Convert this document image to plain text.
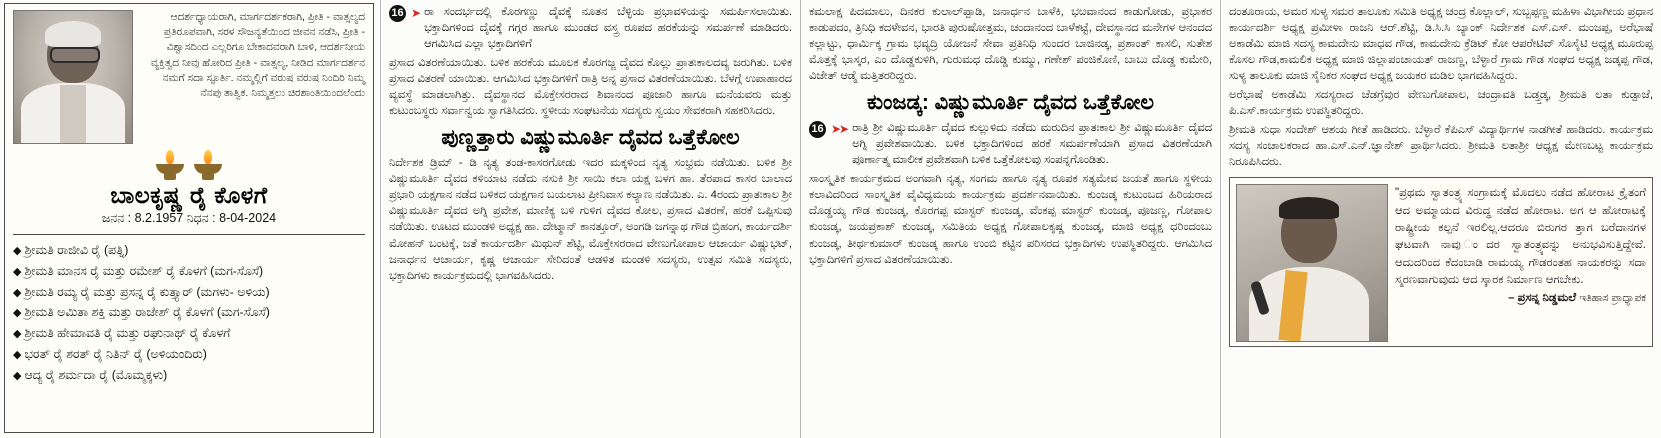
ಆದರ್ಶಧ್ಯಾಯರಾಗಿ, ಮಾರ್ಗದರ್ಶಕರಾಗಿ, ಪ್ರೀತಿ - ವಾತ್ಸಲ್ಯದ ಪ್ರತಿರೂಪವಾಗಿ, ಸರಳ ಸೌಜನ್ಯತೆಯಿಂದ ಜೀವನ ನಡೆಸಿ, ಪ್ರೀತಿ - ವಿಶ್ವಾಸದಿಂದ ಎಲ್ಲರಿಗೂ ಬೇಕಾದವರಾಗಿ ಬಾಳಿ, ಆದರ್ಶನೀಯ ವ್ಯಕ್ತಿತ್ವದ ನೀವು ಹೋರಿದ ಪ್ರೀತಿ - ವಾತ್ಸಲ್ಯ, ನೀಡಿದ ಮಾರ್ಗದರ್ಶನ ನಮಗೆ ಸದಾ ಸ್ಫೂರ್ತಿ. ನಮ್ಮಲ್ಲಿಗೆ ವರುಷ ವರುಷ ನಿಂದಿರಿ ನಿಮ್ಮ ನೆನಪು ತಾತ್ವಿಕ. ನಿಮ್ಮತ್ತಲು ಚಿರಶಾಂತಿಯಿಂದಲೆಂದು
ಬಾಲಕೃಷ್ಣ ರೈ ಕೊಳಗೆ
ಜನನ : 8.2.1957 ನಿಧನ : 8-04-2024
◆ ಶ್ರೀಮತಿ ರಾಜೀವಿ ರೈ (ಪತ್ನಿ)
◆ ಶ್ರೀಮತಿ ಮಾನಸ ರೈ ಮತ್ತು ರಮೇಶ್ ರೈ ಕೊಳಗೆ (ಮಗ-ಸೊಸೆ)
◆ ಶ್ರೀಮತಿ ರಮ್ಯ ರೈ ಮತ್ತು ಪ್ರಸನ್ನ ರೈ ಕುತ್ತ್ಯಾರ್ (ಮಗಳು- ಅಳಿಯ)
◆ ಶ್ರೀಮತಿ ಅಮಿತಾ ಶಕ್ತಿ ಮತ್ತು ರಾಜೇಶ್ ರೈ ಕೊಳಗೆ (ಮಗ-ಸೊಸೆ)
◆ ಶ್ರೀಮತಿ ಹೇಮಾವತಿ ರೈ ಮತ್ತು ರಘುನಾಥ್ ರೈ ಕೊಳಗೆ
◆ ಭರತ್ ರೈ ಶರತ್ ರೈ ನಿತಿನ್ ರೈ (ಅಳಿಯಂದಿರು)
◆ ಆದ್ಯ ರೈ ಶರ್ಮದಾ ರೈ (ಮೊಮ್ಮಕ್ಕಳು)
16 ➤ ರಾ ಸಂದರ್ಭದಲ್ಲಿ ಕೊರಗಣ್ಣು ದೈವಕ್ಕೆ ನೂತನ ಬೆಳ್ಳಿಯ ಪ್ರಭಾವಳಿಯನ್ನು ಸಮರ್ಪಿಸಲಾಯಿತು. ಭಕ್ತಾದಿಗಳಿಂದ ದೈವಕ್ಕೆ ಗಗ್ಗರ ಹಾಗೂ ಮುಂಡದ ವಸ್ತ್ರ ರೂಪದ ಹರಕೆಯನ್ನು ಸಮರ್ಪಣೆ ಮಾಡಿದರು. ಆಗಮಿಸಿದ ಎಲ್ಲಾ ಭಕ್ತಾದಿಗಳಿಗೆ

ಪ್ರಸಾದ ವಿತರಣೆಯಾಯಿತು. ಬಳಿಕ ಹರಕೆಯ ಮೂಲಕ ಕೊರಗಜ್ಜ ದೈವದ ಕೊಲ್ಲು ಪ್ರಾತಃಕಾಲದವ್ಯ ಜರುಗಿತು. ಬಳಿಕ ಪ್ರಸಾದ ವಿತರಣೆ ಯಾಯಿತು. ಆಗಮಿಸಿದ ಭಕ್ತಾದಿಗಳಿಗೆ ರಾತ್ರಿ ಅನ್ನ ಪ್ರಸಾದ ವಿತರಣೆಯಾಯಿತು. ಬೆಳಗ್ಗೆ ಉಪಾಹಾರದ ವ್ಯವಸ್ಥೆ ಮಾಡಲಾಗಿತ್ತು. ದೈವಸ್ಥಾನದ ಮೊಕ್ತೇಸರರಾದ ಶಿವಾನಂದ ಪೂಜಾರಿ ಹಾಗೂ ಮನೆಯವರು ಮತ್ತು ಕುಟುಂಬಸ್ಥರು ಸರ್ವಾನ್ವಯ ಸ್ವಾಗತಿಸಿದರು. ಸ್ಥಳೀಯ ಸಂಘಟನೆಯ ಸದಸ್ಯರು ಸ್ವಯಂ ಸೇವಕರಾಗಿ ಸಹಕರಿಸಿದರು.

ಪುಣ್ಣತ್ತಾರು ವಿಷ್ಣುಮೂರ್ತಿ ದೈವದ ಒತ್ತೆಕೋಲ

ನಿರ್ದೇಶಕ ಡ್ರಿಮ್ - ಡಿ ನೃತ್ಯ ತಂಡ-ಕಾಸರಗೋಡು ಇದರ ಮಕ್ಕಳಿಂದ ನೃತ್ಯ ಸಂಭ್ರಮ ನಡೆಯಿತು. ಬಳಿಕ ಶ್ರೀ ವಿಷ್ಣುಮೂರ್ತಿ ದೈವದ ಕಳಿಯಾಟ ನಡೆದು ನಸುಕಿ ಶ್ರೀ ಸಾಯಿ ಕಲಾ ಯಕ್ಷ ಬಳಗ ಹಾ. ತೆರಪಾದ ಕಾಸರ ಬಾಲಾದ ಪ್ರಭಾರಿ ಯಕ್ಷಗಾನ ನಡೆದ ಬಳಿಕದ ಯಕ್ಷಗಾನ ಬಯಲಾಟ ಪ್ರೀನಿವಾಸ ಕಲ್ಯಾಣ ನಡೆಯಿತು. ಎ. 4ರಂದು ಪ್ರಾತಃಕಾಲ ಶ್ರೀ ವಿಷ್ಣುಮೂರ್ತಿ ದೈವದ ಅಗ್ನಿ ಪ್ರವೇಶ, ಮಾಣಿಕ್ಯ ಬಳಿ ಗುಳಿಗ ದೈವದ ಕೋಲ, ಪ್ರಸಾದ ವಿತರಣೆ, ಹರಕೆ ಒಪ್ಪಿಸುವು ನಡೆಯಿತು. ಊಟದ ಮುಂಡಳಿ ಅಧ್ಯಕ್ಷ ಹಾ. ದೇಟ್ಮಾನ್ ಕಾನತ್ತೂರ್, ಅಂಗಡಿ ಜಗನ್ನಾಥ ಗೌಡ ಬ್ರಿಹಂಗ, ಕಾರ್ಯದರ್ಶಿ ಮೋಹನ್ ಬಂಟಕ್ಕೆ, ಜತೆ ಕಾರ್ಯದರ್ಶಿ ಮಿಥುನ್ ಶೆಟ್ಟಿ, ಮೊಕ್ತೇಸರರಾದ ವೇಣುಗೋಪಾಲ ಆಚಾರ್ಯ ವಿಷ್ಣುಭಟ್, ಜನಾರ್ಧನ ಆಚಾರ್ಯ, ಕೃಷ್ಣ ಆಚಾರ್ಯ ಸೇರಿದಂತೆ ಆಡಳಿತ ಮಂಡಳಿ ಸದಸ್ಯರು, ಉತ್ಸವ ಸಮಿತಿ ಸದಸ್ಯರು, ಭಕ್ತಾದಿಗಳು ಕಾರ್ಯಕ್ರಮದಲ್ಲಿ ಭಾಗವಹಿಸಿದರು.

ಕಮಲಾಕ್ಷ ಪಿದಮಾಲು, ದಿನಕರ ಕುಲಾಲ್‌ಪ್ಪಾಡಿ, ಜನಾರ್ಧನ ಬಾಳೆಕಿ, ಭೞವಾನಂದ ಕಾಡುಗೋಡು, ಪ್ರಭಾಕರ ಕಾಡುಪದಂ, ತ್ರಿನಿಧಿ ಕದಳೇವನ, ಭಾರತಿ ಪುರುಷೋತ್ತಮ, ಚಂದಾನಂದ ಬಾಳೆಕಟ್ಟೆ, ದೇವಸ್ಥಾನದ ಮನೇಗಳ ಆನಂದದ ಕಲ್ಲಾಟ್ಟು, ಧಾರ್ಮಿಕ್ಕ ಗ್ರಾಮ ಭವ್ಯದ್ರಿ ಯೋಜನೆ ಸೇವಾ ಪ್ರತಿನಿಧಿ ಸುಂದರ ಬಾಜಿನಡ್ಕ, ಪ್ರಶಾಂತ್ ಕಾಸಲಿ, ಸುತೇಶ ಮೊತ್ತಕ್ಕೆ ಭಾಸ್ಕರ, ಎಂ ದೊಡ್ಡಕುಳಿಗಿ, ಗುರುಮಧ ದೊಡ್ಡಿ ಕುಮ್ಮು, ಗಣೇಶ್ ಪಂಜಿಕೊಣಿ, ಬಾಬು ದೊಡ್ಡ ಕುಮೇರಿ, ವಿಜೇತ್ ಆಡ್ಮೆ ಮತ್ತಿತರರಿದ್ದರು.

ಕುಂಜಡ್ಕ: ವಿಷ್ಣುಮೂರ್ತಿ ದೈವದ ಒತ್ತೆಕೋಲ
16 ➤➤ ರಾತ್ರಿ ಶ್ರೀ ವಿಷ್ಣುಮೂರ್ತಿ ದೈವದ ಕುಲ್ಲುಳಿದು ನಡೆದು ಮರುದಿನ ಪ್ರಾತಃಕಾಲ ಶ್ರೀ ವಿಷ್ಣುಮೂರ್ತಿ ದೈವದ ಅಗ್ನಿ ಪ್ರವೇಶವಾಯಿತು. ಬಳಿಕ ಭಕ್ತಾದಿಗಳಿಂದ ಹರಕೆ ಸಮರ್ಪಣೆಯಾಗಿ ಪ್ರಸಾದ ವಿತರಣೆಯಾಗಿ ಪೂರ್ಣಾತ್ಮ ಮಾಲೀಕ ಪ್ರವೇಶವಾಗಿ ಬಳಿಕ ಒತ್ತೆಕೋಲವು ಸಂಪನ್ನಗೊಂಡಿತು.

ಸಾಂಸ್ಕೃತಿಕ ಕಾರ್ಯಕ್ರಮದ ಅಂಗವಾಗಿ ನೃತ್ಯ, ಸಂಗಮ ಹಾಗೂ ನೃತ್ಯ ರೂಪಕ ಸತ್ಯಮೇವ ಜಯತೆ ಹಾಗೂ ಸ್ಥಳೀಯ ಕಲಾವಿದರಿಂದ ಸಾಂಸ್ಕೃತಿಕ ವೈವಿಧ್ಯಮಯ ಕಾರ್ಯಕ್ರಮ ಪ್ರದರ್ಶನವಾಯಿತು. ಕುಂಜಡ್ಕ ಕುಟುಂಬದ ಹಿರಿಯರಾದ ದೊಡ್ಡಯ್ಯ ಗೌಡ ಕುಂಜಡ್ಕ, ಕೊರಗಪ್ಪ ಮಾಸ್ಟರ್ ಕುಂಜಡ್ಕ, ವೆಂಕಪ್ಪ ಮಾಸ್ಟರ್ ಕುಂಜಡ್ಕ, ಪೂಜಣ್ಣ, ಗೋಪಾಲ ಕುಂಜಡ್ಕ, ಜಯಪ್ರಕಾಶ್ ಕುಂಜಡ್ಕ, ಸಮಿತಿಯ ಅಧ್ಯಕ್ಷ ಗೋಪಾಲಕೃಷ್ಣ ಕುಂಜಡ್ಕ, ಮಾಜಿ ಅಧ್ಯಕ್ಷ ಧರಿಂದಂಬು ಕುಂಜಡ್ಕ, ತೀರ್ಥಕುಮಾರ್ ಕುಂಜಡ್ಕ ಹಾಗೂ ಉಂಬಿ ಕಟ್ಟಿನ ಪರಿಸರದ ಭಕ್ತಾದಿಗಳು ಉಪಸ್ಥಿತರಿದ್ದರು. ಆಗಮಿಸಿದ ಭಕ್ತಾದಿಗಳಿಗೆ ಪ್ರಸಾದ ವಿತರಣೆಯಾಯಿತು.

ದಂತೂರಾಯ, ಅಮರ ಸುಳ್ಯ ಸಮರ ತಾಲೂಕು ಸಮಿತಿ ಅಧ್ಯಕ್ಷ ಚಂದ್ರ ಕೊಲ್ಲಾಲ್, ಸುಬ್ಬಪ್ಪಣ್ಣ ಮಹಿಳಾ ವಿಭಾಗೀಯ ಪ್ರಧಾನ ಕಾರ್ಯದರ್ಶಿ ಅಧ್ಯಕ್ಷ ಪ್ರಮೀಳಾ ರಾಜನಿ ಆರ್.ಶೆಟ್ಟಿ, ಡಿ.ಸಿ.ಸಿ ಬ್ಯಾಂಕ್ ನಿರ್ದೇಶಕ ಎಸ್.ಎಸ್. ಮಂಜಪ್ಪ, ಅರೆಭಾಷೆ ಅಕಾಡೆಮಿ ಮಾಜಿ ಸದಸ್ಯ ಕಾಮದೇನು ಮಾಧವ ಗೌಡ, ಕಾಮದೇನು ಕ್ರೆಡಿಟ್ ಕೋ ಆಪರೇಟಿವ್ ಸೊಸೈಟಿ ಅಧ್ಯಕ್ಷ ಮೂರುಪ್ಪ ಕೊಸಲ ಗೌಡ,ಕಾಮಲಿಕ ಅಧ್ಯಕ್ಷ ಮಾಜಿ ಜಿಲ್ಲಾಪಂಚಾಯತ್ ರಾಜಣ್ಣ, ಬೆಳ್ಳಾರೆ ಗ್ರಾಮ ಗೌಡ ಸಂಘದ ಅಧ್ಯಕ್ಷ ಜಡ್ಕಪ್ಪ ಗೌಡ, ಸುಳ್ಯ ತಾಲೂಕು ಮಾಜಿ ಸೈನಿಕರ ಸಂಘದ ಅಧ್ಯಕ್ಷ ಜಯಕರ ಮಡಿಲ ಭಾಗವಹಿಸಿದ್ದರು.

ಅರೆಭಾಷೆ ಅಕಾಡೆಮಿ ಸದಸ್ಯರಾದ ಚೆಡಗ್ರೆವುರ ವೇಣುಗೋಪಾಲ, ಚಂದ್ರಾವತಿ ಬಡ್ತ್ತಡ್ಕ, ಶ್ರೀಮತಿ ಲತಾ ಕುಡ್ಪಾಜೆ, ಪಿ.ಎಸ್.ಕಾರ್ಯಕ್ರಮ ಉಪಸ್ಥಿತರಿದ್ದರು.

ಶ್ರೀಮತಿ ಸುಧಾ ಸಂದೇಶ್ ಆಶಯ ಗೀತೆ ಹಾಡಿದರು. ಬೆಳ್ಳಾರೆ ಕೆಪಿಎಸ್ ವಿದ್ಯಾರ್ಥಿಗಳ ನಾಡಗೀತೆ ಹಾಡಿದರು. ಕಾರ್ಯಕ್ರಮ ಸದಸ್ಯ ಸಂಚಾಲಕರಾದ ಹಾ.ಎಸ್.ಎನ್.ಜ್ಞಾನೇಶ್ ಪ್ರಾರ್ಥಿಸಿದರು. ಶ್ರೀಮತಿ ಲತಾಶ್ರೀ ಆಧ್ಯಕ್ಷ ಮೇಣಬಟ್ಟ ಕಾರ್ಯಕ್ರಮ ನಿರೂಪಿಸಿದರು.

"ಪ್ರಥಮ ಸ್ವಾತಂತ್ರ್ಯ ಸಂಗ್ರಾಮಕ್ಕೆ ಮೊದಲು ನಡೆದ ಹೋರಾಟ ಕ್ರೈತಂಗೆ ಆದ ಅಮ್ಮಾಯದ ವಿರುದ್ಧ ನಡೆದ ಹೋರಾಟ. ಅಗ ಆ ಹೋರಾಟಕ್ಕೆ ರಾಷ್ಟ್ರೀಯ ಕಲ್ಪನೆ ಇರಲಿಲ್ಲ.ಆದರೂ ಬಿರುಗರ ತ್ತಾಗ ಬರೆದಾನಗಳ ಘಟವಾಗಿ ನಾವು ಂದರ ಸ್ವಾತಂತ್ರ್ಯವನ್ನು ಅನುಭವಿಸುತ್ತಿದ್ದೇವೆ. ಆದುದರಿಂದ ಕೆದಂಬಾಡಿ ರಾಮಯ್ಯ ಗೌಡರಂತಹ ನಾಯಕರನ್ನು ಸದಾ ಸ್ಮರಣವಾಗುವುದು ಆದ ಸ್ಕಾರಕ ನಿರ್ಮಾಣ ಆಗಬೇಕು.
– ಪ್ರಸನ್ನ ನಿಡ್ಡಮಲೆ ಇತಿಹಾಸ ಪ್ರಾಧ್ಯಾಪಕ
